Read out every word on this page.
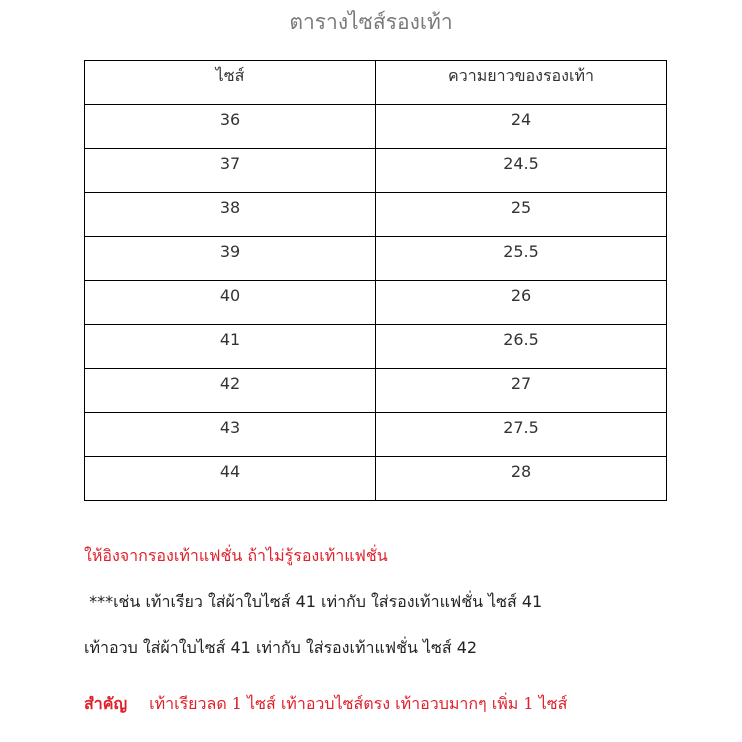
ตารางไซส์รองเท้า
ไซส์	ความยาวของรองเท้า
36	24
37	24.5
38	25
39	25.5
40	26
41	26.5
42	27
43	27.5
44	28
ให้อิงจากรองเท้าแฟชั่น ถ้าไม่รู้รองเท้าแฟชั่น
***เช่น เท้าเรียว ใส่ผ้าใบไซส์ 41 เท่ากับ ใส่รองเท้าแฟชั่น ไซส์ 41
เท้าอวบ ใส่ผ้าใบไซส์ 41 เท่ากับ ใส่รองเท้าแฟชั่น ไซส์ 42
สำคัญ เท้าเรียวลด 1 ไซส์ เท้าอวบไซส์ตรง เท้าอวบมากๆ เพิ่ม 1 ไซส์
